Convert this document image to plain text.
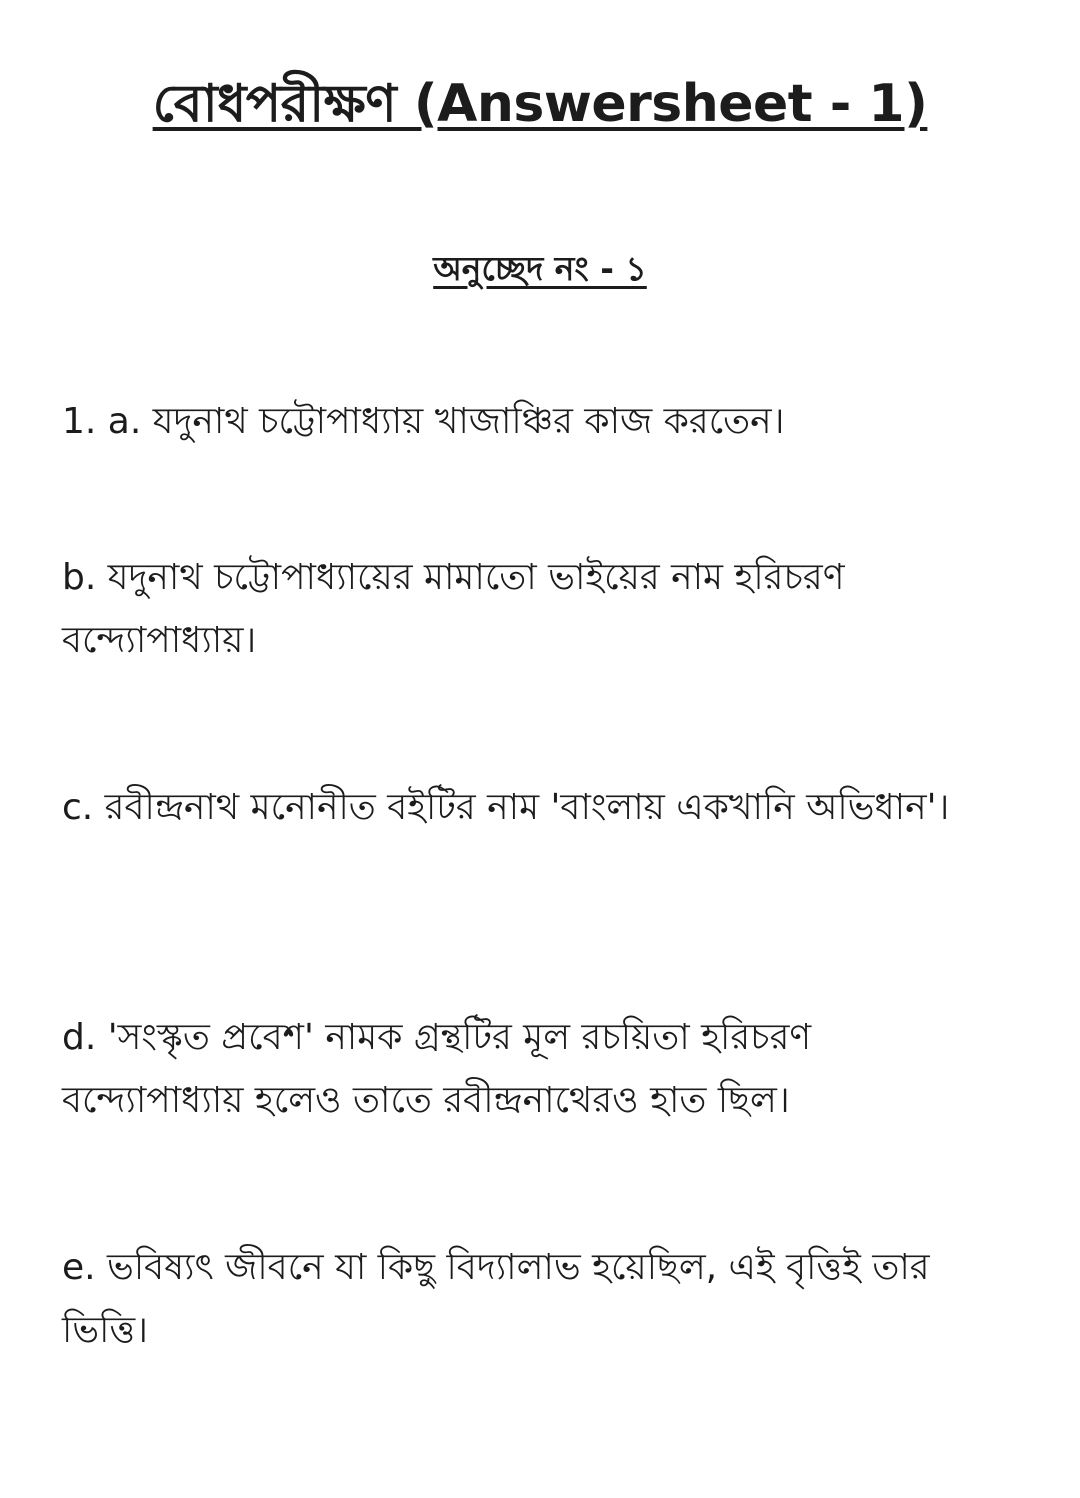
বোধপরীক্ষণ (Answersheet - 1)
অনুচ্ছেদ নং - ১

1. a. যদুনাথ চট্টোপাধ্যায় খাজাঞ্চির কাজ করতেন।

b. যদুনাথ চট্টোপাধ্যায়ের মামাতো ভাইয়ের নাম হরিচরণ বন্দ্যোপাধ্যায়।

c. রবীন্দ্রনাথ মনোনীত বইটির নাম 'বাংলায় একখানি অভিধান'।

d. 'সংস্কৃত প্রবেশ' নামক গ্রন্থটির মূল রচয়িতা হরিচরণ বন্দ্যোপাধ্যায় হলেও তাতে রবীন্দ্রনাথেরও হাত ছিল।

e. ভবিষ্যৎ জীবনে যা কিছু বিদ্যালাভ হয়েছিল, এই বৃত্তিই তার ভিত্তি।
